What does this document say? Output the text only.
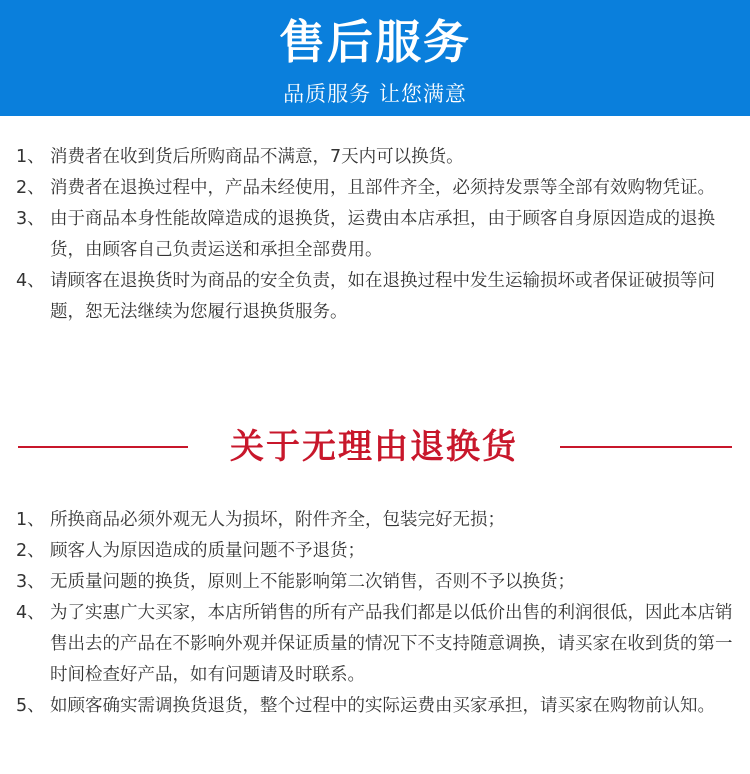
售后服务
品质服务 让您满意
1、 消费者在收到货后所购商品不满意，7天内可以换货。
2、 消费者在退换过程中，产品未经使用，且部件齐全，必须持发票等全部有效购物凭证。
3、 由于商品本身性能故障造成的退换货，运费由本店承担，由于顾客自身原因造成的退换货，由顾客自己负责运送和承担全部费用。
4、 请顾客在退换货时为商品的安全负责，如在退换过程中发生运输损坏或者保证破损等问题，恕无法继续为您履行退换货服务。
关于无理由退换货
1、 所换商品必须外观无人为损坏，附件齐全，包装完好无损；
2、 顾客人为原因造成的质量问题不予退货；
3、 无质量问题的换货，原则上不能影响第二次销售，否则不予以换货；
4、 为了实惠广大买家，本店所销售的所有产品我们都是以低价出售的利润很低，因此本店销售出去的产品在不影响外观并保证质量的情况下不支持随意调换，请买家在收到货的第一时间检查好产品，如有问题请及时联系。
5、 如顾客确实需调换货退货，整个过程中的实际运费由买家承担，请买家在购物前认知。
